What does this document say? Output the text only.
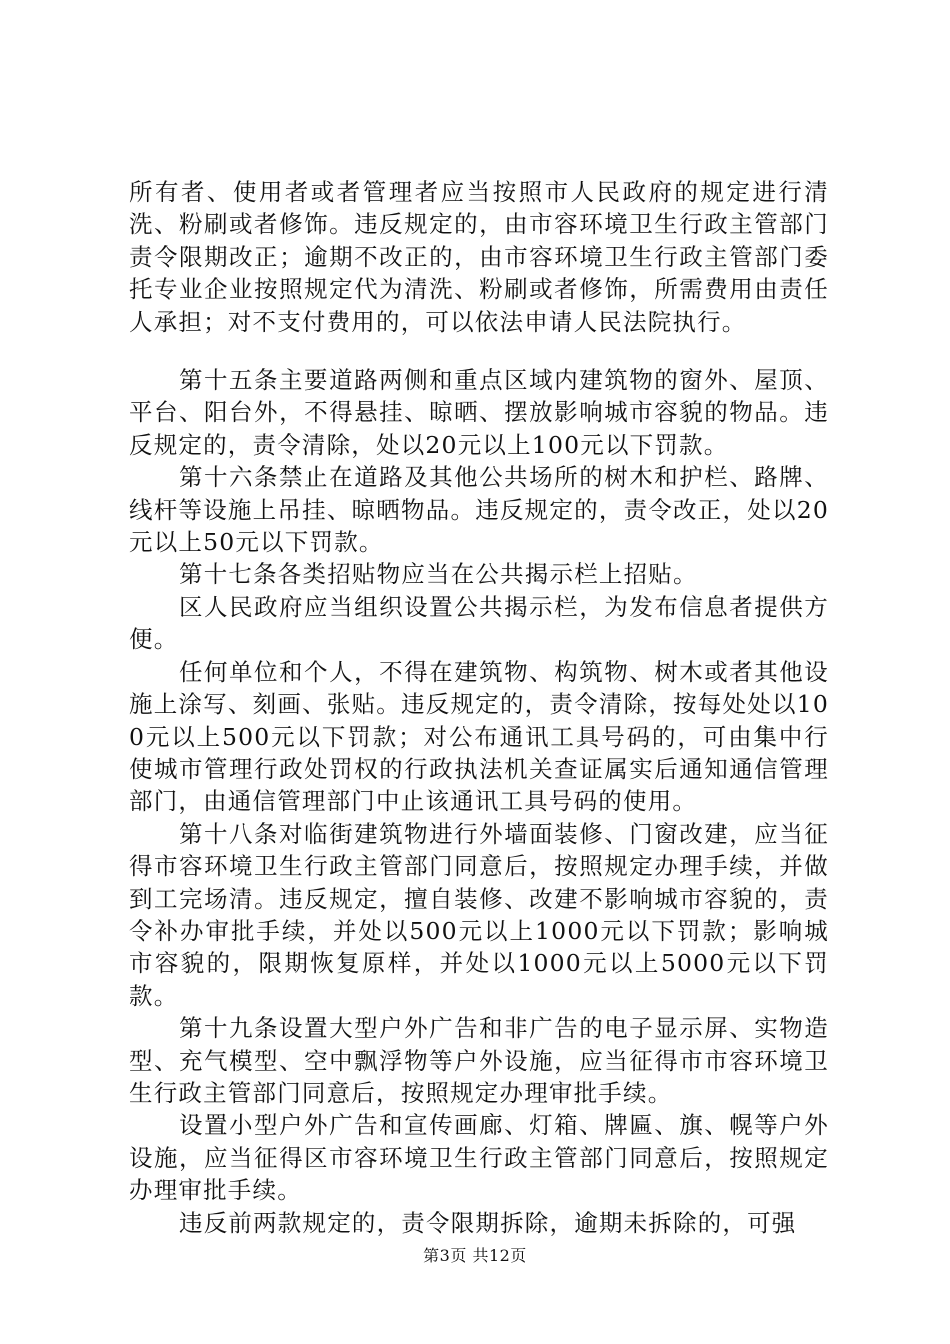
所有者、使用者或者管理者应当按照市人民政府的规定进行清洗、粉刷或者修饰。违反规定的，由市容环境卫生行政主管部门责令限期改正；逾期不改正的，由市容环境卫生行政主管部门委托专业企业按照规定代为清洗、粉刷或者修饰，所需费用由责任人承担；对不支付费用的，可以依法申请人民法院执行。

第十五条主要道路两侧和重点区域内建筑物的窗外、屋顶、平台、阳台外，不得悬挂、晾晒、摆放影响城市容貌的物品。违反规定的，责令清除，处以20元以上100元以下罚款。

第十六条禁止在道路及其他公共场所的树木和护栏、路牌、线杆等设施上吊挂、晾晒物品。违反规定的，责令改正，处以20元以上50元以下罚款。

第十七条各类招贴物应当在公共揭示栏上招贴。

区人民政府应当组织设置公共揭示栏，为发布信息者提供方便。

任何单位和个人，不得在建筑物、构筑物、树木或者其他设施上涂写、刻画、张贴。违反规定的，责令清除，按每处处以100元以上500元以下罚款；对公布通讯工具号码的，可由集中行使城市管理行政处罚权的行政执法机关查证属实后通知通信管理部门，由通信管理部门中止该通讯工具号码的使用。

第十八条对临街建筑物进行外墙面装修、门窗改建，应当征得市容环境卫生行政主管部门同意后，按照规定办理手续，并做到工完场清。违反规定，擅自装修、改建不影响城市容貌的，责令补办审批手续，并处以500元以上1000元以下罚款；影响城市容貌的，限期恢复原样，并处以1000元以上5000元以下罚款。

第十九条设置大型户外广告和非广告的电子显示屏、实物造型、充气模型、空中飘浮物等户外设施，应当征得市市容环境卫生行政主管部门同意后，按照规定办理审批手续。

设置小型户外广告和宣传画廊、灯箱、牌匾、旗、幌等户外设施，应当征得区市容环境卫生行政主管部门同意后，按照规定办理审批手续。

违反前两款规定的，责令限期拆除，逾期未拆除的，可强

第3页 共12页
